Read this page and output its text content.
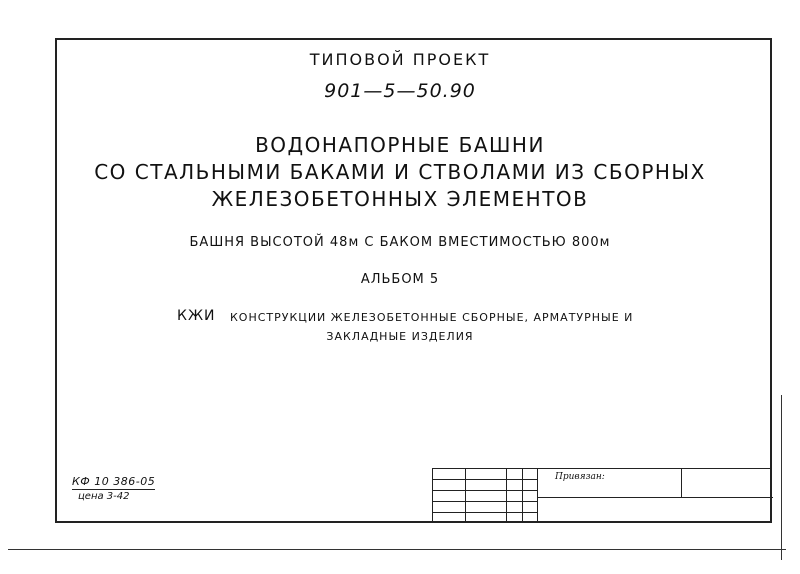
ТИПОВОЙ ПРОЕКТ
901—5—50.90
ВОДОНАПОРНЫЕ БАШНИ
СО СТАЛЬНЫМИ БАКАМИ И СТВОЛАМИ ИЗ СБОРНЫХ
ЖЕЛЕЗОБЕТОННЫХ ЭЛЕМЕНТОВ
БАШНЯ ВЫСОТОЙ 48м С БАКОМ ВМЕСТИМОСТЬЮ 800м
АЛЬБОМ 5
КЖИ КОНСТРУКЦИИ ЖЕЛЕЗОБЕТОННЫЕ СБОРНЫЕ, АРМАТУРНЫЕ И
ЗАКЛАДНЫЕ ИЗДЕЛИЯ
КФ 10 386-05
цена 3-42
Привязан:
